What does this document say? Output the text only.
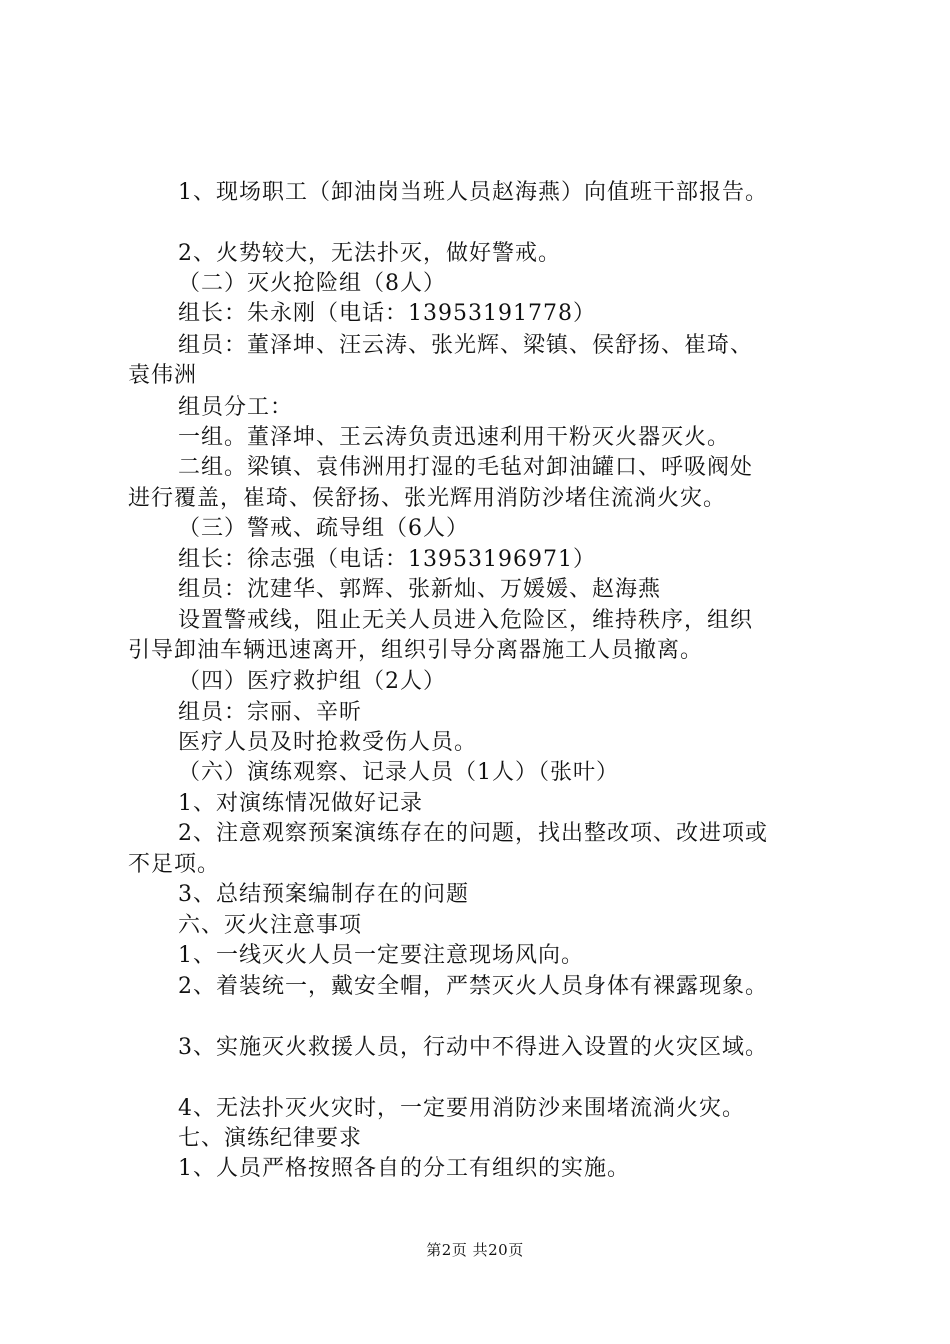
1、现场职工（卸油岗当班人员赵海燕）向值班干部报告。
2、火势较大，无法扑灭，做好警戒。
（二）灭火抢险组（8人）
组长：朱永刚（电话：13953191778）
组员：董泽坤、汪云涛、张光辉、梁镇、侯舒扬、崔琦、
袁伟洲
组员分工：
一组。董泽坤、王云涛负责迅速利用干粉灭火器灭火。
二组。梁镇、袁伟洲用打湿的毛毡对卸油罐口、呼吸阀处
进行覆盖，崔琦、侯舒扬、张光辉用消防沙堵住流淌火灾。
（三）警戒、疏导组（6人）
组长：徐志强（电话：13953196971）
组员：沈建华、郭辉、张新灿、万媛媛、赵海燕
设置警戒线，阻止无关人员进入危险区，维持秩序，组织
引导卸油车辆迅速离开，组织引导分离器施工人员撤离。
（四）医疗救护组（2人）
组员：宗丽、辛昕
医疗人员及时抢救受伤人员。
（六）演练观察、记录人员（1人）（张叶）
1、对演练情况做好记录
2、注意观察预案演练存在的问题，找出整改项、改进项或
不足项。
3、总结预案编制存在的问题
六、灭火注意事项
1、一线灭火人员一定要注意现场风向。
2、着装统一，戴安全帽，严禁灭火人员身体有裸露现象。
3、实施灭火救援人员，行动中不得进入设置的火灾区域。
4、无法扑灭火灾时，一定要用消防沙来围堵流淌火灾。
七、演练纪律要求
1、人员严格按照各自的分工有组织的实施。
第2页 共20页
